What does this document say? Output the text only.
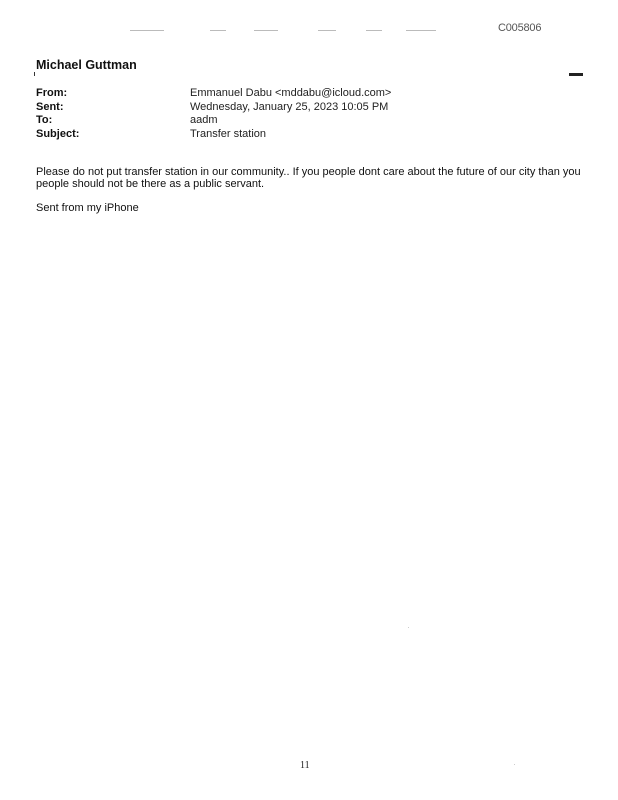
C005806
Michael Guttman
From:	Emmanuel Dabu <mddabu@icloud.com>
Sent:	Wednesday, January 25, 2023 10:05 PM
To:	aadm
Subject:	Transfer station

Please do not put transfer station in our community.. If you people dont care about the future of our city than you people should not be there as a public servant.

Sent from my iPhone
11
